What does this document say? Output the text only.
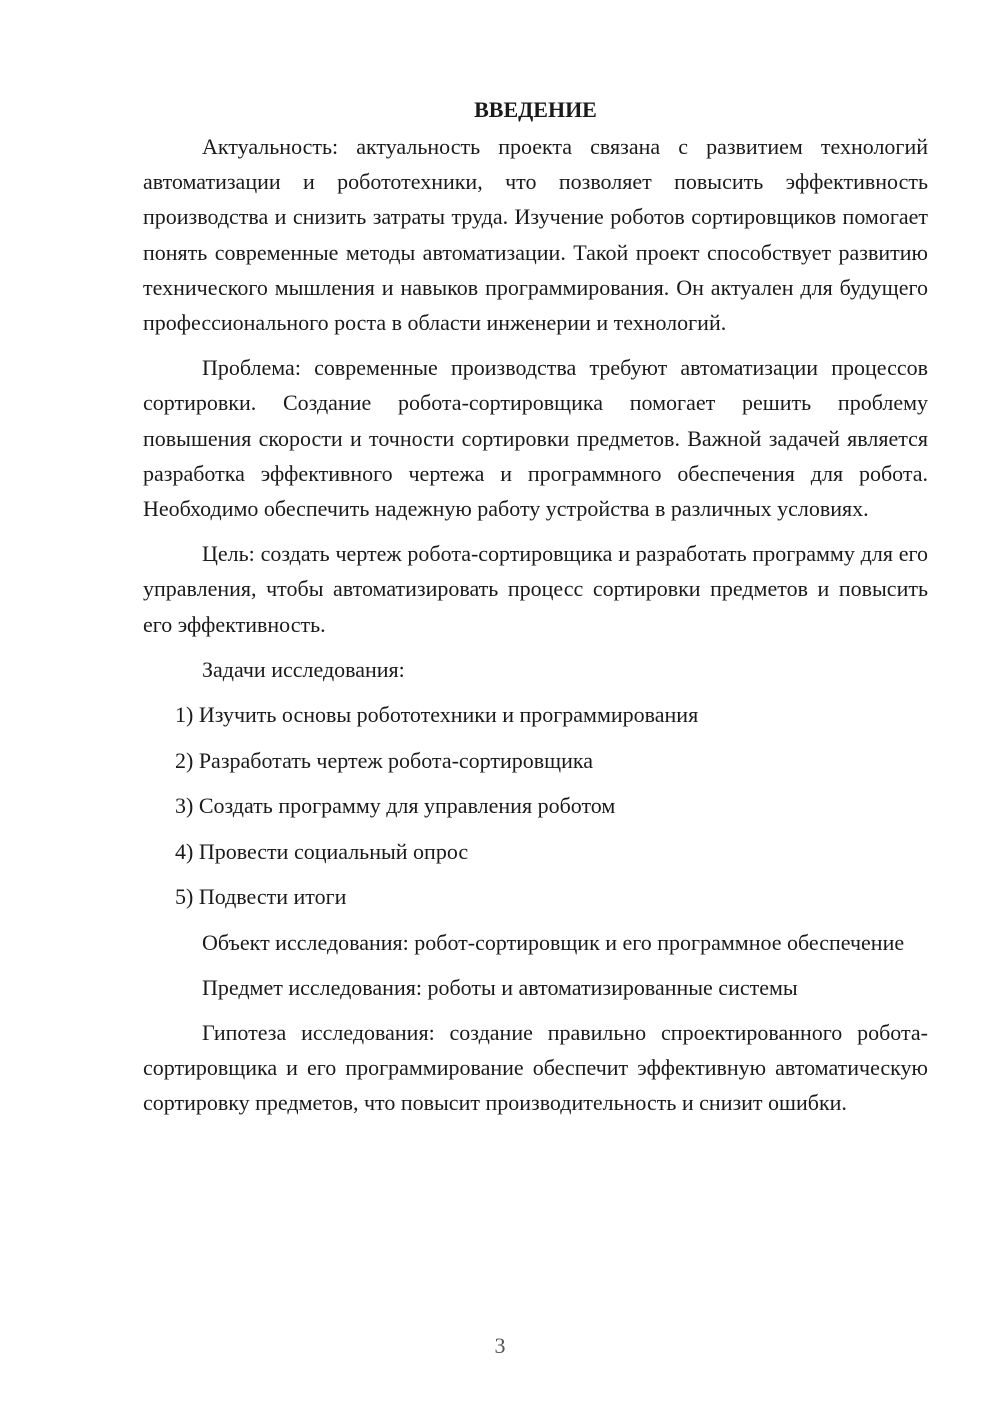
ВВЕДЕНИЕ

Актуальность: актуальность проекта связана с развитием технологий автоматизации и робототехники, что позволяет повысить эффективность производства и снизить затраты труда. Изучение роботов сортировщиков помогает понять современные методы автоматизации. Такой проект способствует развитию технического мышления и навыков программирования. Он актуален для будущего профессионального роста в области инженерии и технологий.

Проблема: современные производства требуют автоматизации процессов сортировки. Создание робота-сортировщика помогает решить проблему повышения скорости и точности сортировки предметов. Важной задачей является разработка эффективного чертежа и программного обеспечения для робота. Необходимо обеспечить надежную работу устройства в различных условиях.

Цель: создать чертеж робота-сортировщика и разработать программу для его управления, чтобы автоматизировать процесс сортировки предметов и повысить его эффективность.

Задачи исследования:

1) Изучить основы робототехники и программирования
2) Разработать чертеж робота-сортировщика
3) Создать программу для управления роботом
4) Провести социальный опрос
5) Подвести итоги

Объект исследования: робот-сортировщик и его программное обеспечение

Предмет исследования: роботы и автоматизированные системы

Гипотеза исследования: создание правильно спроектированного робота-сортировщика и его программирование обеспечит эффективную автоматическую сортировку предметов, что повысит производительность и снизит ошибки.

3
